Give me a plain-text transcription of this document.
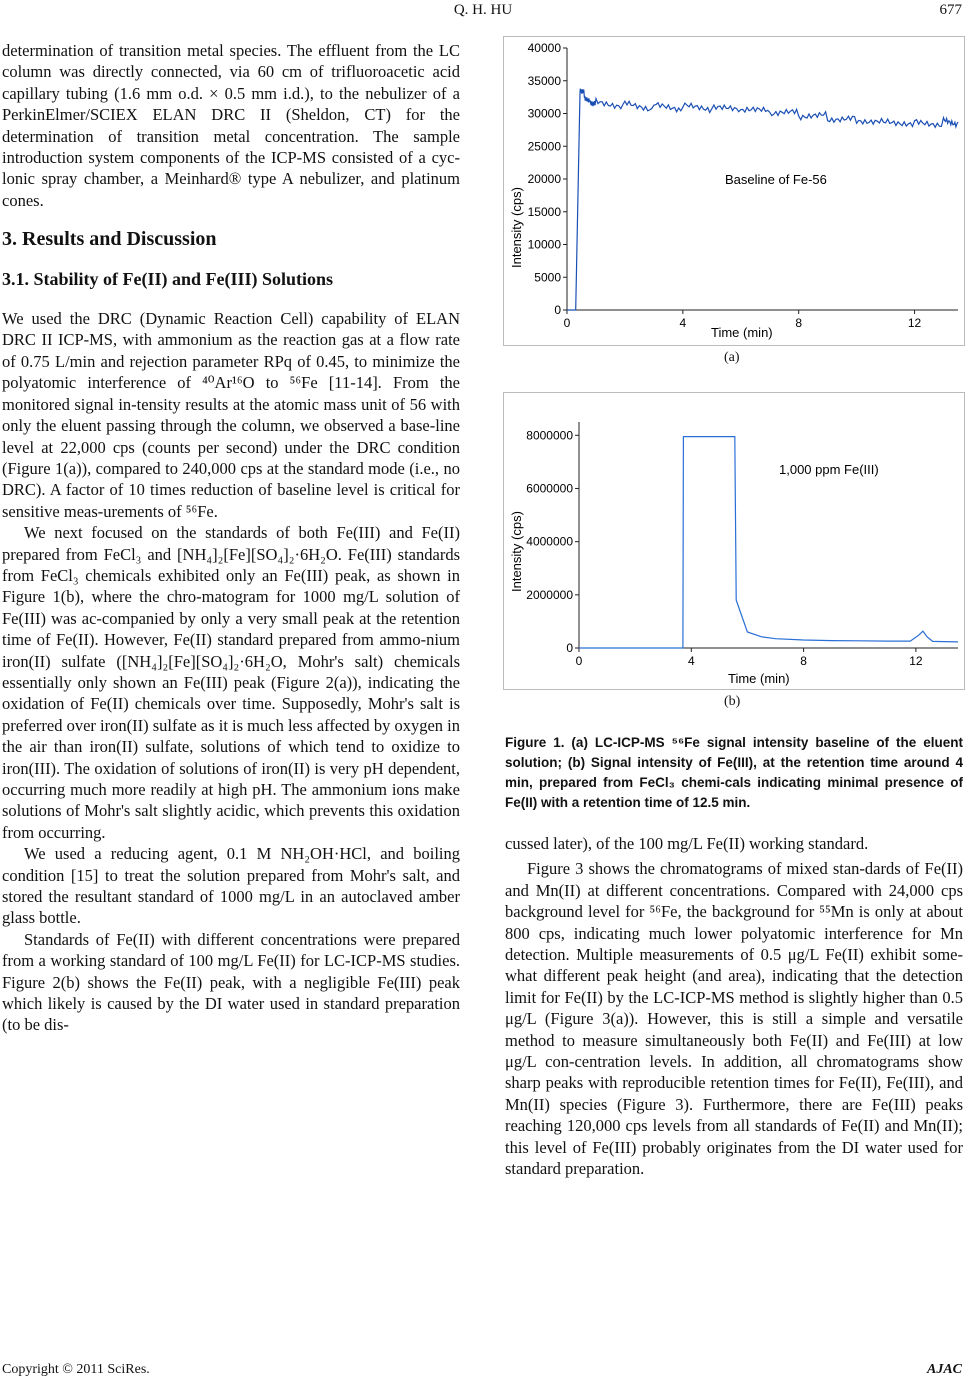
Q. H. HU	677

determination of transition metal species. The effluent from the LC column was directly connected, via 60 cm of trifluoroacetic acid capillary tubing (1.6 mm o.d. × 0.5 mm i.d.), to the nebulizer of a PerkinElmer/SCIEX ELAN DRC II (Sheldon, CT) for the determination of transition metal concentration. The sample introduction system components of the ICP-MS consisted of a cyc-lonic spray chamber, a Meinhard® type A nebulizer, and platinum cones.

3. Results and Discussion
3.1. Stability of Fe(II) and Fe(III) Solutions

We used the DRC (Dynamic Reaction Cell) capability of ELAN DRC II ICP-MS, with ammonium as the reaction gas at a flow rate of 0.75 L/min and rejection parameter RPq of 0.45, to minimize the polyatomic interference of ⁴⁰Ar¹⁶O to ⁵⁶Fe [11-14]. From the monitored signal in-tensity results at the atomic mass unit of 56 with only the eluent passing through the column, we observed a base-line level at 22,000 cps (counts per second) under the DRC condition (Figure 1(a)), compared to 240,000 cps at the standard mode (i.e., no DRC). A factor of 10 times reduction of baseline level is critical for sensitive meas-urements of ⁵⁶Fe.

We next focused on the standards of both Fe(III) and Fe(II) prepared from FeCl₃ and [NH₄]₂[Fe][SO₄]₂·6H₂O. Fe(III) standards from FeCl₃ chemicals exhibited only an Fe(III) peak, as shown in Figure 1(b), where the chro-matogram for 1000 mg/L solution of Fe(III) was ac-companied by only a very small peak at the retention time of Fe(II). However, Fe(II) standard prepared from ammo-nium iron(II) sulfate ([NH₄]₂[Fe][SO₄]₂·6H₂O, Mohr's salt) chemicals essentially only shown an Fe(III) peak (Figure 2(a)), indicating the oxidation of Fe(II) chemicals over time. Supposedly, Mohr's salt is preferred over iron(II) sulfate as it is much less affected by oxygen in the air than iron(II) sulfate, solutions of which tend to oxidize to iron(III). The oxidation of solutions of iron(II) is very pH dependent, occurring much more readily at high pH. The ammonium ions make solutions of Mohr's salt slightly acidic, which prevents this oxidation from occurring.

We used a reducing agent, 0.1 M NH₂OH·HCl, and boiling condition [15] to treat the solution prepared from Mohr's salt, and stored the resultant standard of 1000 mg/L in an autoclaved amber glass bottle.

Standards of Fe(II) with different concentrations were prepared from a working standard of 100 mg/L Fe(II) for LC-ICP-MS studies. Figure 2(b) shows the Fe(II) peak, with a negligible Fe(III) peak which likely is caused by the DI water used in standard preparation (to be dis-

0
5000
10000
15000
20000
25000
30000
35000
40000
0	4	8	12
Baseline of Fe-56
Intensity (cps)
Time (min)
(a)
0
2000000
4000000
6000000
8000000
0	4	8	12
1,000 ppm Fe(III)
Intensity (cps)
Time (min)
(b)
Figure 1. (a) LC-ICP-MS ⁵⁶Fe signal intensity baseline of the eluent solution; (b) Signal intensity of Fe(III), at the retention time around 4 min, prepared from FeCl₃ chemi-cals indicating minimal presence of Fe(II) with a retention time of 12.5 min.

cussed later), of the 100 mg/L Fe(II) working standard.

Figure 3 shows the chromatograms of mixed stan-dards of Fe(II) and Mn(II) at different concentrations. Compared with 24,000 cps background level for ⁵⁶Fe, the background for ⁵⁵Mn is only at about 800 cps, indicating much lower polyatomic interference for Mn detection. Multiple measurements of 0.5 μg/L Fe(II) exhibit some-what different peak height (and area), indicating that the detection limit for Fe(II) by the LC-ICP-MS method is slightly higher than 0.5 μg/L (Figure 3(a)). However, this is still a simple and versatile method to measure simultaneously both Fe(II) and Fe(III) at low μg/L con-centration levels. In addition, all chromatograms show sharp peaks with reproducible retention times for Fe(II), Fe(III), and Mn(II) species (Figure 3). Furthermore, there are Fe(III) peaks reaching 120,000 cps levels from all standards of Fe(II) and Mn(II); this level of Fe(III) probably originates from the DI water used for standard preparation.

Copyright © 2011 SciRes.	AJAC
